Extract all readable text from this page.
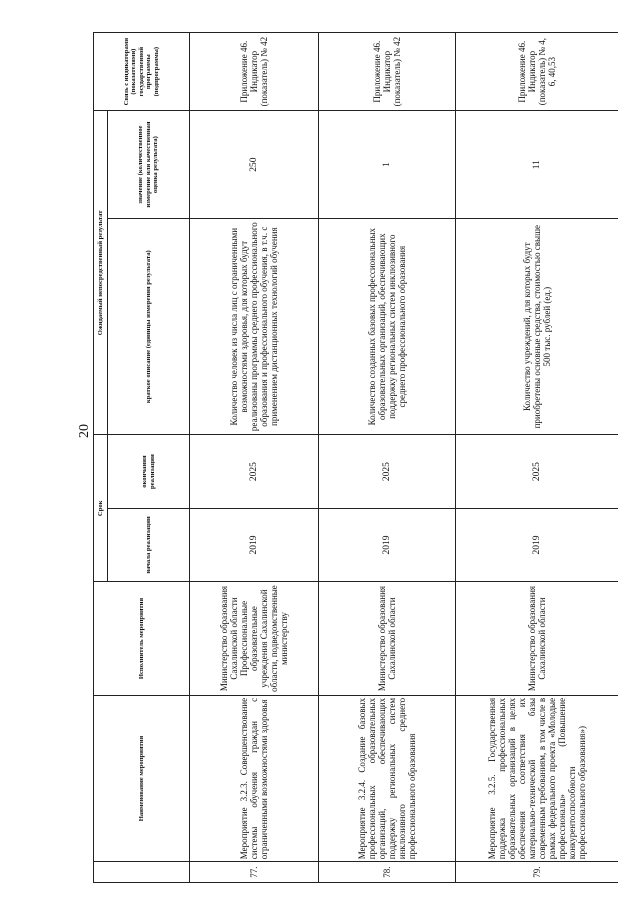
20
	Наименование мероприятия	Исполнитель мероприятия	Срок		Ожидаемый непосредственный результат		Связь с индикаторами (показателями) государственной программы (подпрограммы)
			начала реализации	окончания реализации	краткое описание (единицы измерения результата)	значение (количественное измерение или качественная оценка результата)	
77.	Мероприятие 3.2.3. Совершенствование системы обучения граждан с ограниченными возможностями здоровья	Министерство образования Сахалинской области Профессиональные образовательные учреждения Сахалинской области, подведомственные министерству	2019	2025	Количество человек из числа лиц с ограниченными возможностями здоровья, для которых будут реализованы программы среднего профессионального образования и профессионального обучения, в т.ч. с применением дистанционных технологий обучения	250	Приложение 46. Индикатор (показатель) № 42
78.	Мероприятие 3.2.4. Создание базовых профессиональных образовательных организаций, обеспечивающих поддержку региональных систем инклюзивного среднего профессионального образования	Министерство образования Сахалинской области	2019	2025	Количество созданных базовых профессиональных образовательных организаций, обеспечивающих поддержку региональных систем инклюзивного среднего профессионального образования	1	Приложение 46. Индикатор (показатель) № 42
79.	Мероприятие 3.2.5. Государственная поддержка профессиональных образовательных организаций в целях обеспечения соответствия их материально-технической базы современным требованиям, в том числе в рамках федерального проекта «Молодые профессионалы» (Повышение конкурентоспособности профессионального образования»)	Министерство образования Сахалинской области	2019	2025	Количество учреждений, для которых будут приобретены основные средства, стоимостью свыше 500 тыс. рублей (ед.)	11	Приложение 46. Индикатор (показатель) № 4, 6, 40,53
